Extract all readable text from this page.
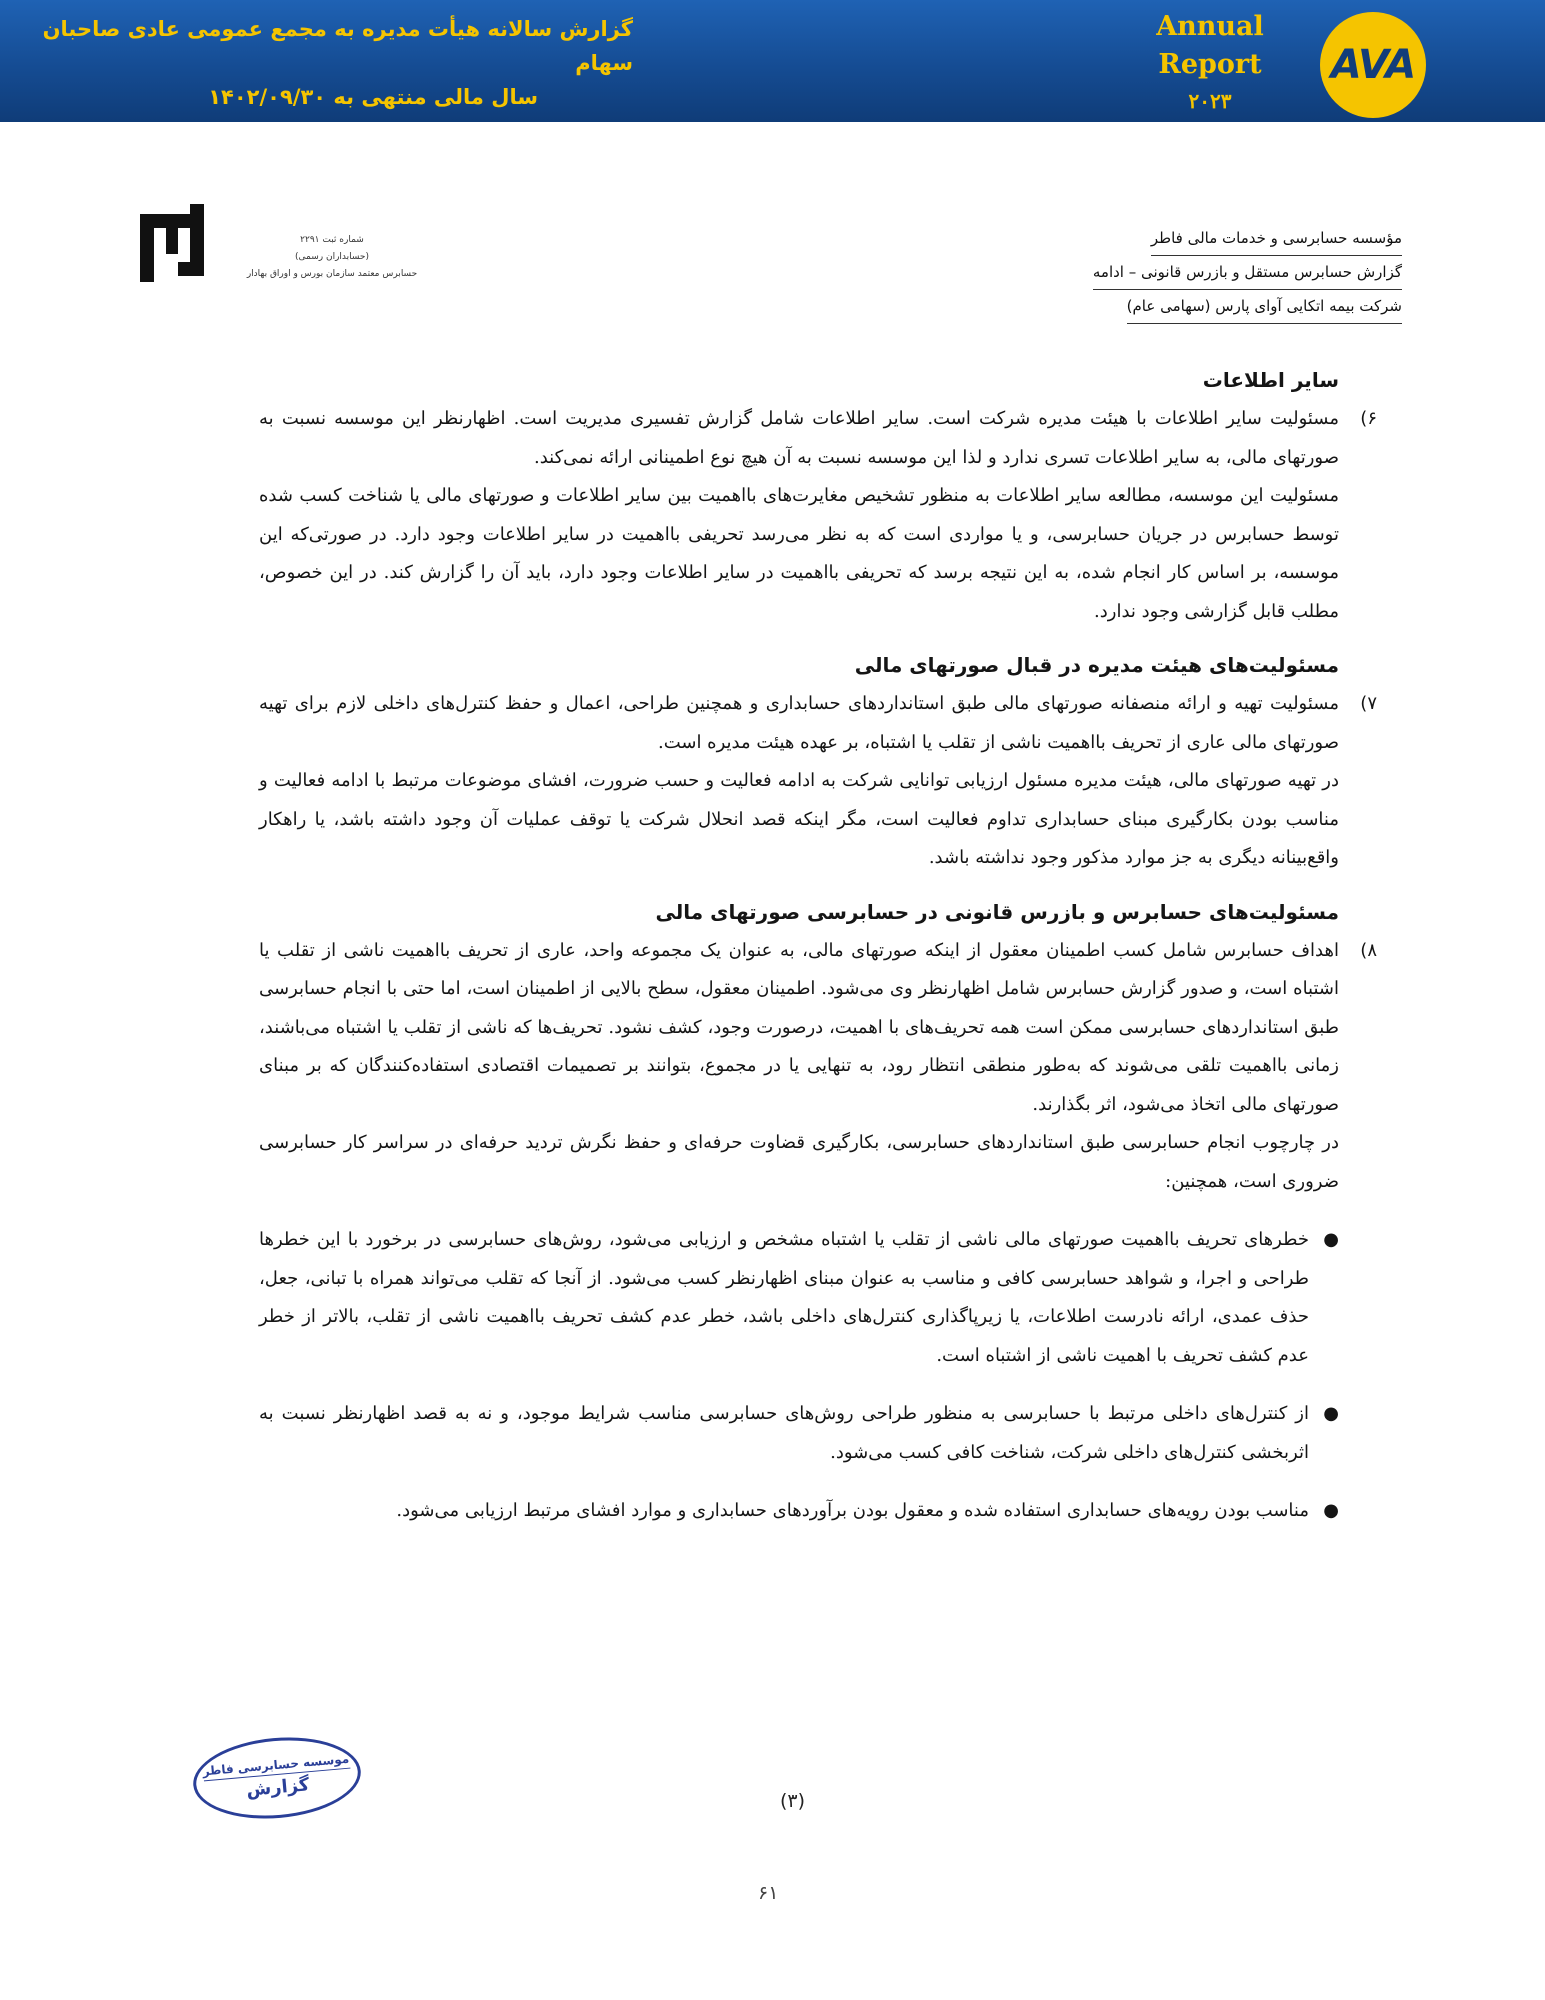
گزارش سالانه هیأت مدیره به مجمع عمومی عادی صاحبان سهام
سال مالی منتهی به ۱۴۰۲/۰۹/۳۰
Annual Report
۲۰۲۳
AVA
شماره ثبت ۲۲۹۱
(حسابداران رسمی)
حسابرس معتمد سازمان بورس و اوراق بهادار
مؤسسه حسابرسی و خدمات مالی فاطر
گزارش حسابرس مستقل و بازرس قانونی – ادامه
شرکت بیمه اتکایی آوای پارس (سهامی عام)
سایر اطلاعات
۶)
مسئولیت سایر اطلاعات با هیئت مدیره شرکت است. سایر اطلاعات شامل گزارش تفسیری مدیریت است. اظهارنظر این موسسه نسبت به صورتهای مالی، به سایر اطلاعات تسری ندارد و لذا این موسسه نسبت به آن هیچ نوع اطمینانی ارائه نمی‌کند.

مسئولیت این موسسه، مطالعه سایر اطلاعات به منظور تشخیص مغایرت‌های بااهمیت بین سایر اطلاعات و صورتهای مالی یا شناخت کسب شده توسط حسابرس در جریان حسابرسی، و یا مواردی است که به نظر می‌رسد تحریفی بااهمیت در سایر اطلاعات وجود دارد. در صورتی‌که این موسسه، بر اساس کار انجام شده، به این نتیجه برسد که تحریفی بااهمیت در سایر اطلاعات وجود دارد، باید آن را گزارش کند. در این خصوص، مطلب قابل گزارشی وجود ندارد.

مسئولیت‌های هیئت مدیره در قبال صورتهای مالی
۷)
مسئولیت تهیه و ارائه منصفانه صورتهای مالی طبق استانداردهای حسابداری و همچنین طراحی، اعمال و حفظ کنترل‌های داخلی لازم برای تهیه صورتهای مالی عاری از تحریف بااهمیت ناشی از تقلب یا اشتباه، بر عهده هیئت مدیره است.

در تهیه صورتهای مالی، هیئت مدیره مسئول ارزیابی توانایی شرکت به ادامه فعالیت و حسب ضرورت، افشای موضوعات مرتبط با ادامه فعالیت و مناسب بودن بکارگیری مبنای حسابداری تداوم فعالیت است، مگر اینکه قصد انحلال شرکت یا توقف عملیات آن وجود داشته باشد، یا راهکار واقع‌بینانه دیگری به جز موارد مذکور وجود نداشته باشد.

مسئولیت‌های حسابرس و بازرس قانونی در حسابرسی صورتهای مالی
۸)
اهداف حسابرس شامل کسب اطمینان معقول از اینکه صورتهای مالی، به عنوان یک مجموعه واحد، عاری از تحریف بااهمیت ناشی از تقلب یا اشتباه است، و صدور گزارش حسابرس شامل اظهارنظر وی می‌شود. اطمینان معقول، سطح بالایی از اطمینان است، اما حتی با انجام حسابرسی طبق استانداردهای حسابرسی ممکن است همه تحریف‌های با اهمیت، درصورت وجود، کشف نشود. تحریف‌ها که ناشی از تقلب یا اشتباه می‌باشند، زمانی بااهمیت تلقی می‌شوند که به‌طور منطقی انتظار رود، به تنهایی یا در مجموع، بتوانند بر تصمیمات اقتصادی استفاده‌کنندگان که بر مبنای صورتهای مالی اتخاذ می‌شود، اثر بگذارند.

در چارچوب انجام حسابرسی طبق استانداردهای حسابرسی، بکارگیری قضاوت حرفه‌ای و حفظ نگرش تردید حرفه‌ای در سراسر کار حسابرسی ضروری است، همچنین:

●
خطرهای تحریف بااهمیت صورتهای مالی ناشی از تقلب یا اشتباه مشخص و ارزیابی می‌شود، روش‌های حسابرسی در برخورد با این خطرها طراحی و اجرا، و شواهد حسابرسی کافی و مناسب به عنوان مبنای اظهارنظر کسب می‌شود. از آنجا که تقلب می‌تواند همراه با تبانی، جعل، حذف عمدی، ارائه نادرست اطلاعات، یا زیرپاگذاری کنترل‌های داخلی باشد، خطر عدم کشف تحریف بااهمیت ناشی از تقلب، بالاتر از خطر عدم کشف تحریف با اهمیت ناشی از اشتباه است.
●
از کنترل‌های داخلی مرتبط با حسابرسی به منظور طراحی روش‌های حسابرسی مناسب شرایط موجود، و نه به قصد اظهارنظر نسبت به اثربخشی کنترل‌های داخلی شرکت، شناخت کافی کسب می‌شود.
●
مناسب بودن رویه‌های حسابداری استفاده شده و معقول بودن برآوردهای حسابداری و موارد افشای مرتبط ارزیابی می‌شود.
موسسه حسابرسی فاطر
گزارش
(۳)
۶۱
